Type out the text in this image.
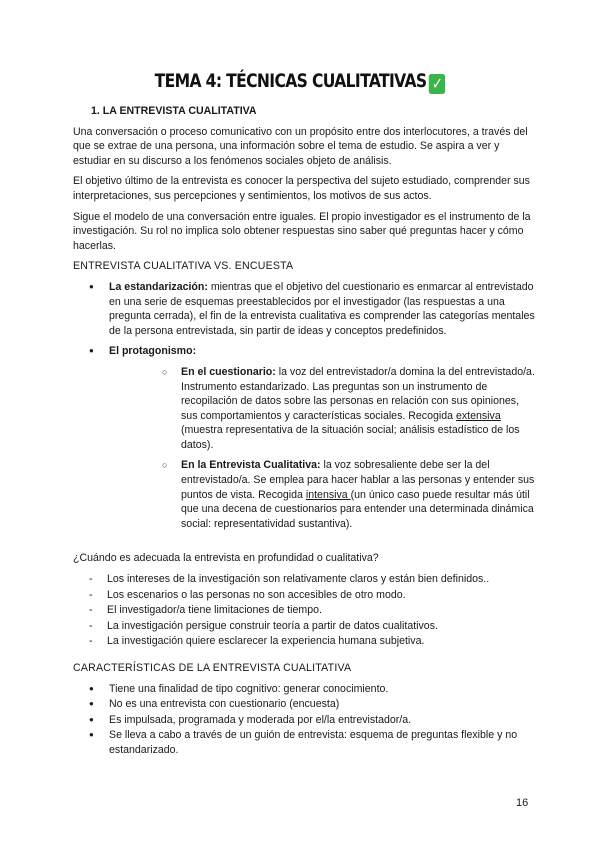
TEMA 4: TÉCNICAS CUALITATIVAS ✓
1. LA ENTREVISTA CUALITATIVA

Una conversación o proceso comunicativo con un propósito entre dos interlocutores, a través del que se extrae de una persona, una información sobre el tema de estudio. Se aspira a ver y estudiar en su discurso a los fenómenos sociales objeto de análisis.

El objetivo último de la entrevista es conocer la perspectiva del sujeto estudiado, comprender sus interpretaciones, sus percepciones y sentimientos, los motivos de sus actos.

Sigue el modelo de una conversación entre iguales. El propio investigador es el instrumento de la investigación. Su rol no implica solo obtener respuestas sino saber qué preguntas hacer y cómo hacerlas.

ENTREVISTA CUALITATIVA VS. ENCUESTA
● La estandarización: mientras que el objetivo del cuestionario es enmarcar al entrevistado en una serie de esquemas preestablecidos por el investigador (las respuestas a una pregunta cerrada), el fin de la entrevista cualitativa es comprender las categorías mentales de la persona entrevistada, sin partir de ideas y conceptos predefinidos.
● El protagonismo:
○ En el cuestionario: la voz del entrevistador/a domina la del entrevistado/a. Instrumento estandarizado. Las preguntas son un instrumento de recopilación de datos sobre las personas en relación con sus opiniones, sus comportamientos y características sociales. Recogida extensiva (muestra representativa de la situación social; análisis estadístico de los datos).
○ En la Entrevista Cualitativa: la voz sobresaliente debe ser la del entrevistado/a. Se emplea para hacer hablar a las personas y entender sus puntos de vista. Recogida intensiva (un único caso puede resultar más útil que una decena de cuestionarios para entender una determinada dinámica social: representatividad sustantiva).

¿Cuándo es adecuada la entrevista en profundidad o cualitativa?

- Los intereses de la investigación son relativamente claros y están bien definidos..
- Los escenarios o las personas no son accesibles de otro modo.
- El investigador/a tiene limitaciones de tiempo.
- La investigación persigue construir teoría a partir de datos cualitativos.
- La investigación quiere esclarecer la experiencia humana subjetiva.
CARACTERÍSTICAS DE LA ENTREVISTA CUALITATIVA
● Tiene una finalidad de tipo cognitivo: generar conocimiento.
● No es una entrevista con cuestionario (encuesta)
● Es impulsada, programada y moderada por el/la entrevistador/a.
● Se lleva a cabo a través de un guión de entrevista: esquema de preguntas flexible y no estandarizado.
16
